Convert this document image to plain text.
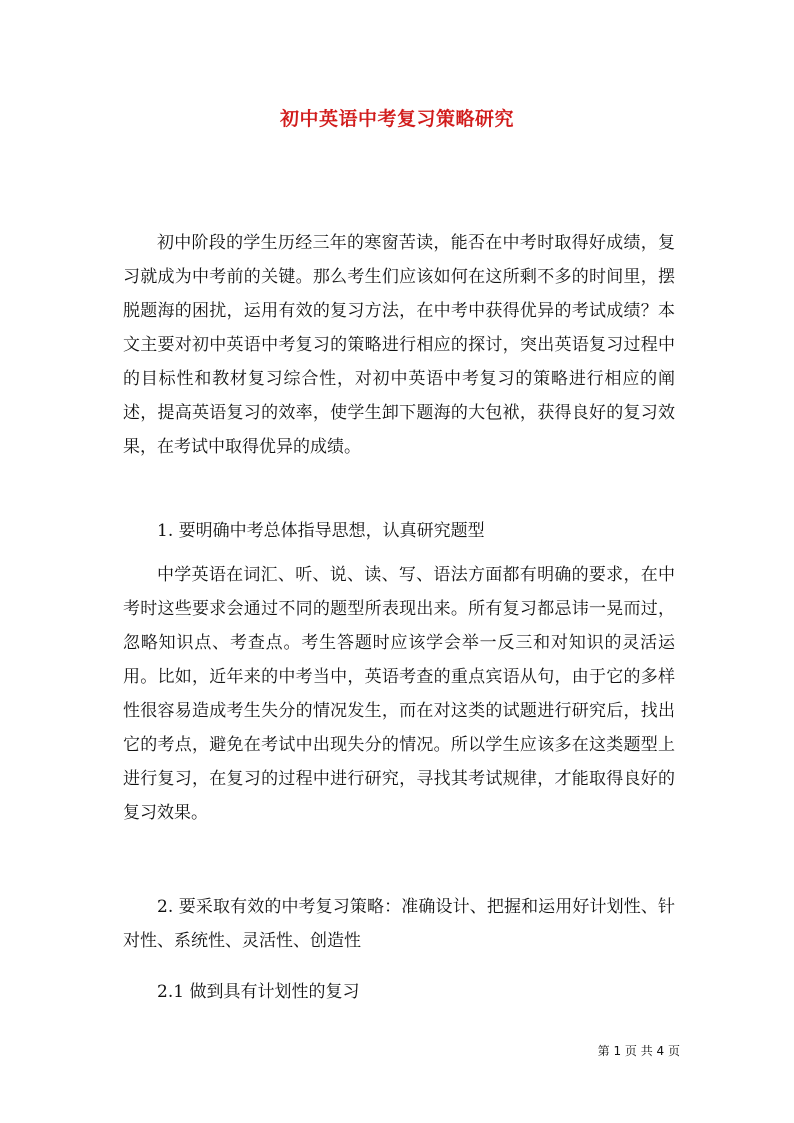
初中英语中考复习策略研究

初中阶段的学生历经三年的寒窗苦读，能否在中考时取得好成绩，复习就成为中考前的关键。那么考生们应该如何在这所剩不多的时间里，摆脱题海的困扰，运用有效的复习方法，在中考中获得优异的考试成绩？本文主要对初中英语中考复习的策略进行相应的探讨，突出英语复习过程中的目标性和教材复习综合性，对初中英语中考复习的策略进行相应的阐述，提高英语复习的效率，使学生卸下题海的大包袱，获得良好的复习效果，在考试中取得优异的成绩。

1. 要明确中考总体指导思想，认真研究题型

中学英语在词汇、听、说、读、写、语法方面都有明确的要求，在中考时这些要求会通过不同的题型所表现出来。所有复习都忌讳一晃而过，忽略知识点、考查点。考生答题时应该学会举一反三和对知识的灵活运用。比如，近年来的中考当中，英语考查的重点宾语从句，由于它的多样性很容易造成考生失分的情况发生，而在对这类的试题进行研究后，找出它的考点，避免在考试中出现失分的情况。所以学生应该多在这类题型上进行复习，在复习的过程中进行研究，寻找其考试规律，才能取得良好的复习效果。

2. 要采取有效的中考复习策略：准确设计、把握和运用好计划性、针对性、系统性、灵活性、创造性

2.1 做到具有计划性的复习

第 1 页 共 4 页
